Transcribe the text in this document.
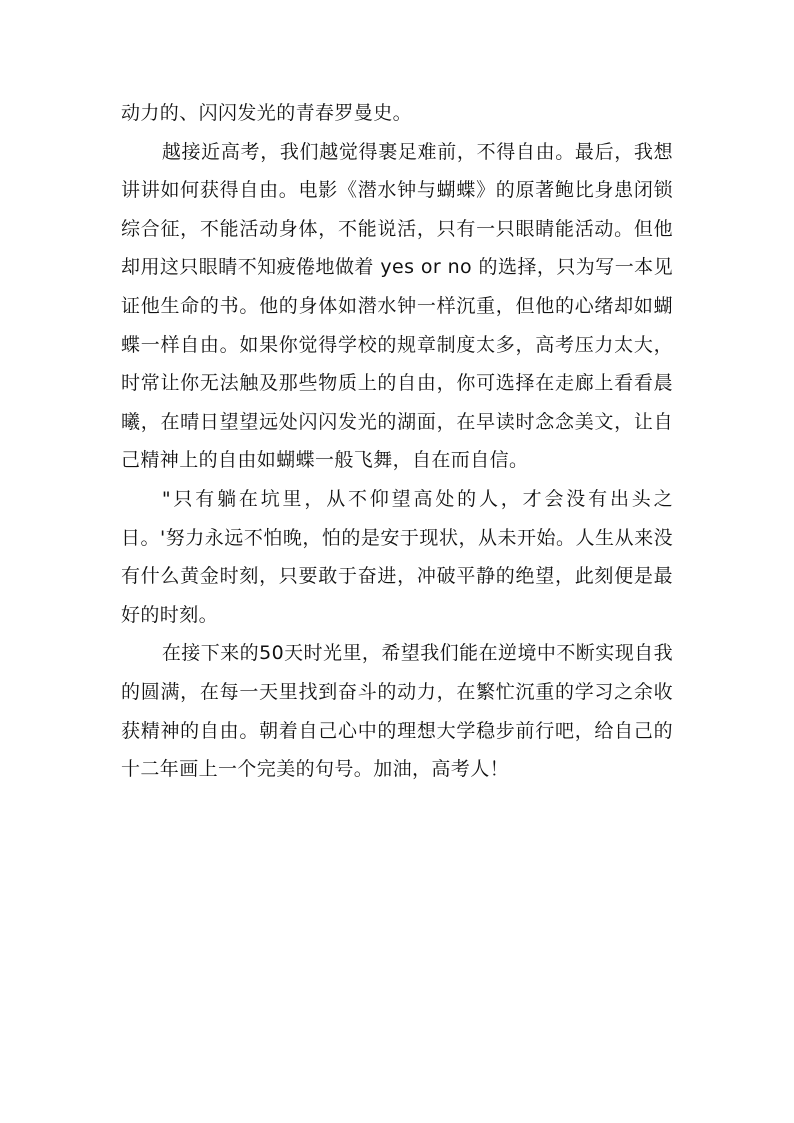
动力的、闪闪发光的青春罗曼史。

越接近高考，我们越觉得裹足难前，不得自由。最后，我想讲讲如何获得自由。电影《潜水钟与蝴蝶》的原著鲍比身患闭锁综合征，不能活动身体，不能说活，只有一只眼睛能活动。但他却用这只眼睛不知疲倦地做着 yes or no 的选择，只为写一本见证他生命的书。他的身体如潜水钟一样沉重，但他的心绪却如蝴蝶一样自由。如果你觉得学校的规章制度太多，高考压力太大，时常让你无法触及那些物质上的自由，你可选择在走廊上看看晨曦，在晴日望望远处闪闪发光的湖面，在早读时念念美文，让自己精神上的自由如蝴蝶一般飞舞，自在而自信。

"只有躺在坑里，从不仰望高处的人，才会没有出头之日。'努力永远不怕晚，怕的是安于现状，从未开始。人生从来没有什么黄金时刻，只要敢于奋进，冲破平静的绝望，此刻便是最好的时刻。

在接下来的50天时光里，希望我们能在逆境中不断实现自我的圆满，在每一天里找到奋斗的动力，在繁忙沉重的学习之余收获精神的自由。朝着自己心中的理想大学稳步前行吧，给自己的十二年画上一个完美的句号。加油，高考人！
